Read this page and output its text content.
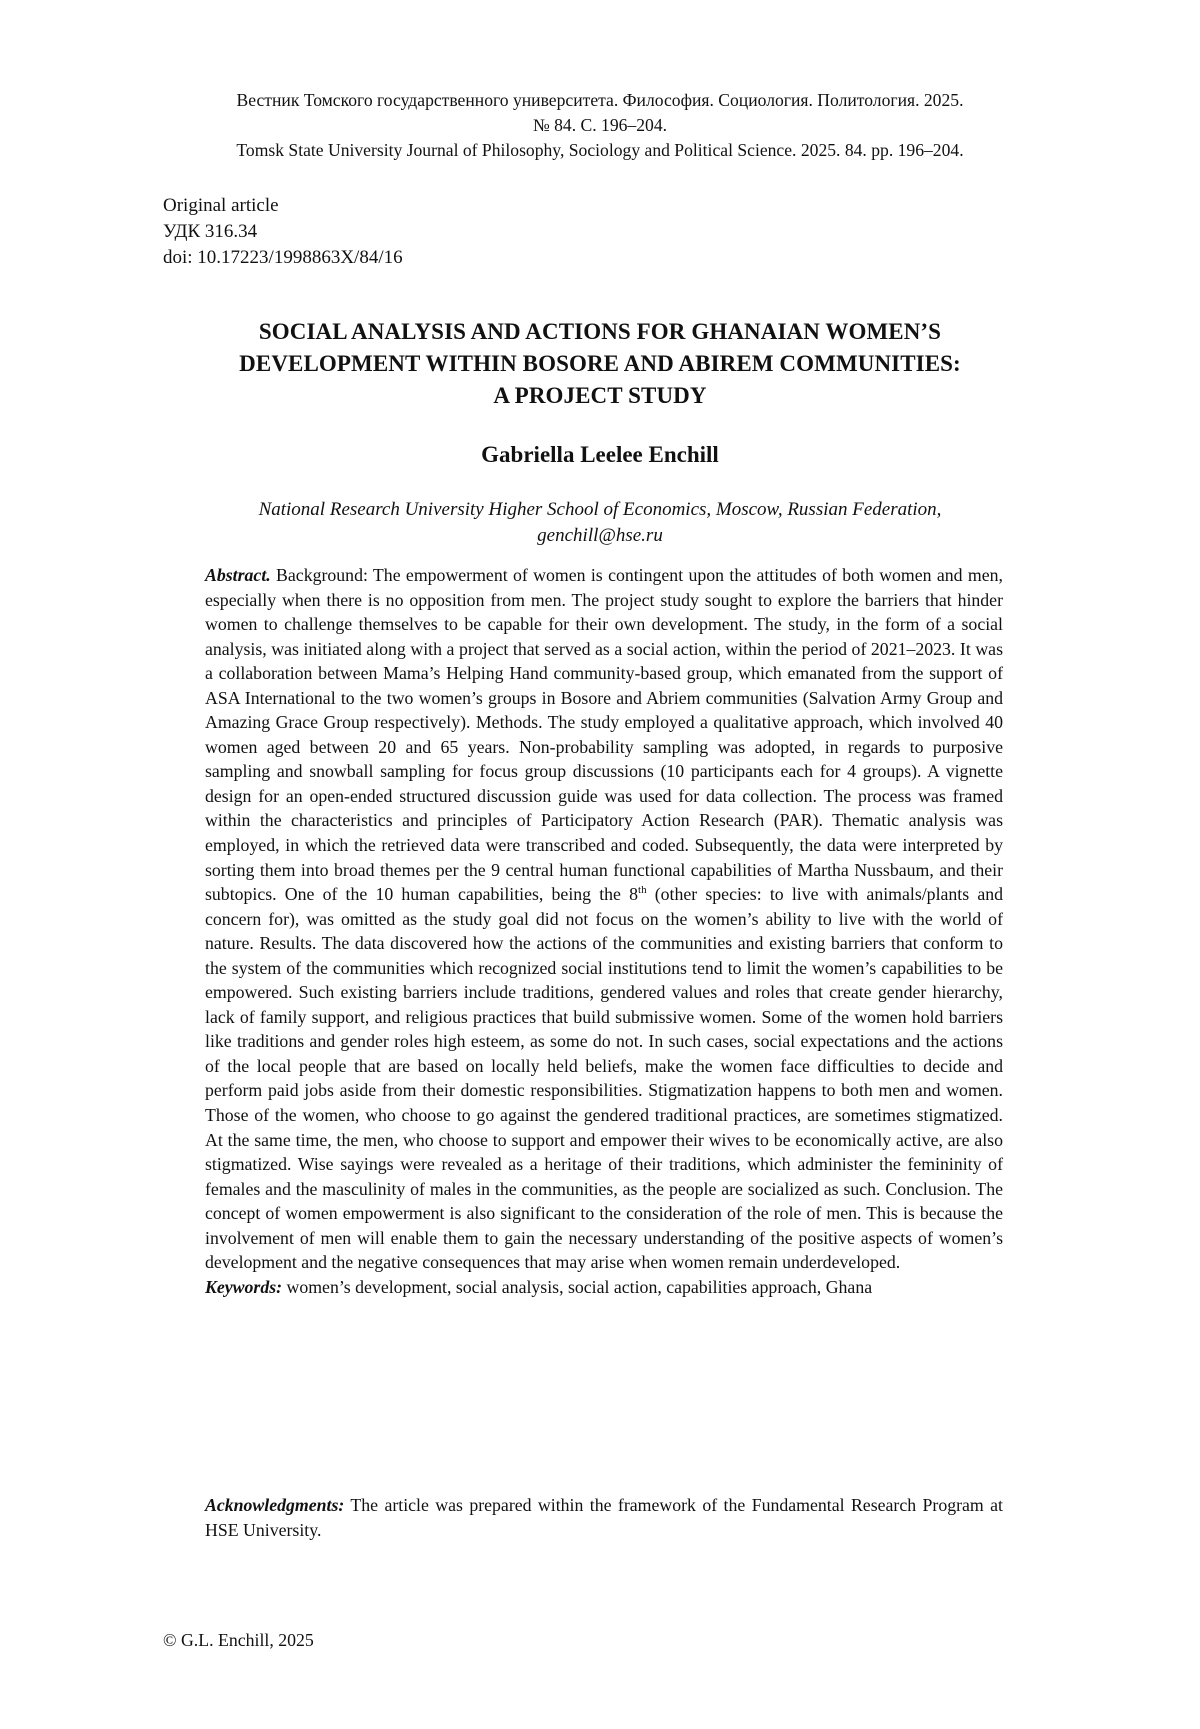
Вестник Томского государственного университета. Философия. Социология. Политология. 2025.
№ 84. С. 196–204.
Tomsk State University Journal of Philosophy, Sociology and Political Science. 2025. 84. pp. 196–204.
Original article
УДК 316.34
doi: 10.17223/1998863X/84/16
SOCIAL ANALYSIS AND ACTIONS FOR GHANAIAN WOMEN’S
DEVELOPMENT WITHIN BOSORE AND ABIREM COMMUNITIES:
A PROJECT STUDY
Gabriella Leelee Enchill
National Research University Higher School of Economics, Moscow, Russian Federation,
genchill@hse.ru

Abstract. Background: The empowerment of women is contingent upon the attitudes of both women and men, especially when there is no opposition from men. The project study sought to explore the barriers that hinder women to challenge themselves to be capable for their own development. The study, in the form of a social analysis, was initiated along with a project that served as a social action, within the period of 2021–2023. It was a collaboration between Mama’s Helping Hand community-based group, which emanated from the support of ASA International to the two women’s groups in Bosore and Abriem communities (Salvation Army Group and Amazing Grace Group respectively). Methods. The study employed a qualitative approach, which involved 40 women aged between 20 and 65 years. Non-probability sampling was adopted, in regards to purposive sampling and snowball sampling for focus group discussions (10 participants each for 4 groups). A vignette design for an open-ended structured discussion guide was used for data collection. The process was framed within the characteristics and principles of Participatory Action Research (PAR). Thematic analysis was employed, in which the retrieved data were transcribed and coded. Subsequently, the data were interpreted by sorting them into broad themes per the 9 central human functional capabilities of Martha Nussbaum, and their subtopics. One of the 10 human capabilities, being the 8th (other species: to live with animals/plants and concern for), was omitted as the study goal did not focus on the women’s ability to live with the world of nature. Results. The data discovered how the actions of the communities and existing barriers that conform to the system of the communities which recognized social institutions tend to limit the women’s capabilities to be empowered. Such existing barriers include traditions, gendered values and roles that create gender hierarchy, lack of family support, and religious practices that build submissive women. Some of the women hold barriers like traditions and gender roles high esteem, as some do not. In such cases, social expectations and the actions of the local people that are based on locally held beliefs, make the women face difficulties to decide and perform paid jobs aside from their domestic responsibilities. Stigmatization happens to both men and women. Those of the women, who choose to go against the gendered traditional practices, are sometimes stigmatized. At the same time, the men, who choose to support and empower their wives to be economically active, are also stigmatized. Wise sayings were revealed as a heritage of their traditions, which administer the femininity of females and the masculinity of males in the communities, as the people are socialized as such. Conclusion. The concept of women empowerment is also significant to the consideration of the role of men. This is because the involvement of men will enable them to gain the necessary understanding of the positive aspects of women’s development and the negative consequences that may arise when women remain underdeveloped.

Keywords: women’s development, social analysis, social action, capabilities approach, Ghana

Acknowledgments: The article was prepared within the framework of the Fundamental Research Program at HSE University.

© G.L. Enchill, 2025
